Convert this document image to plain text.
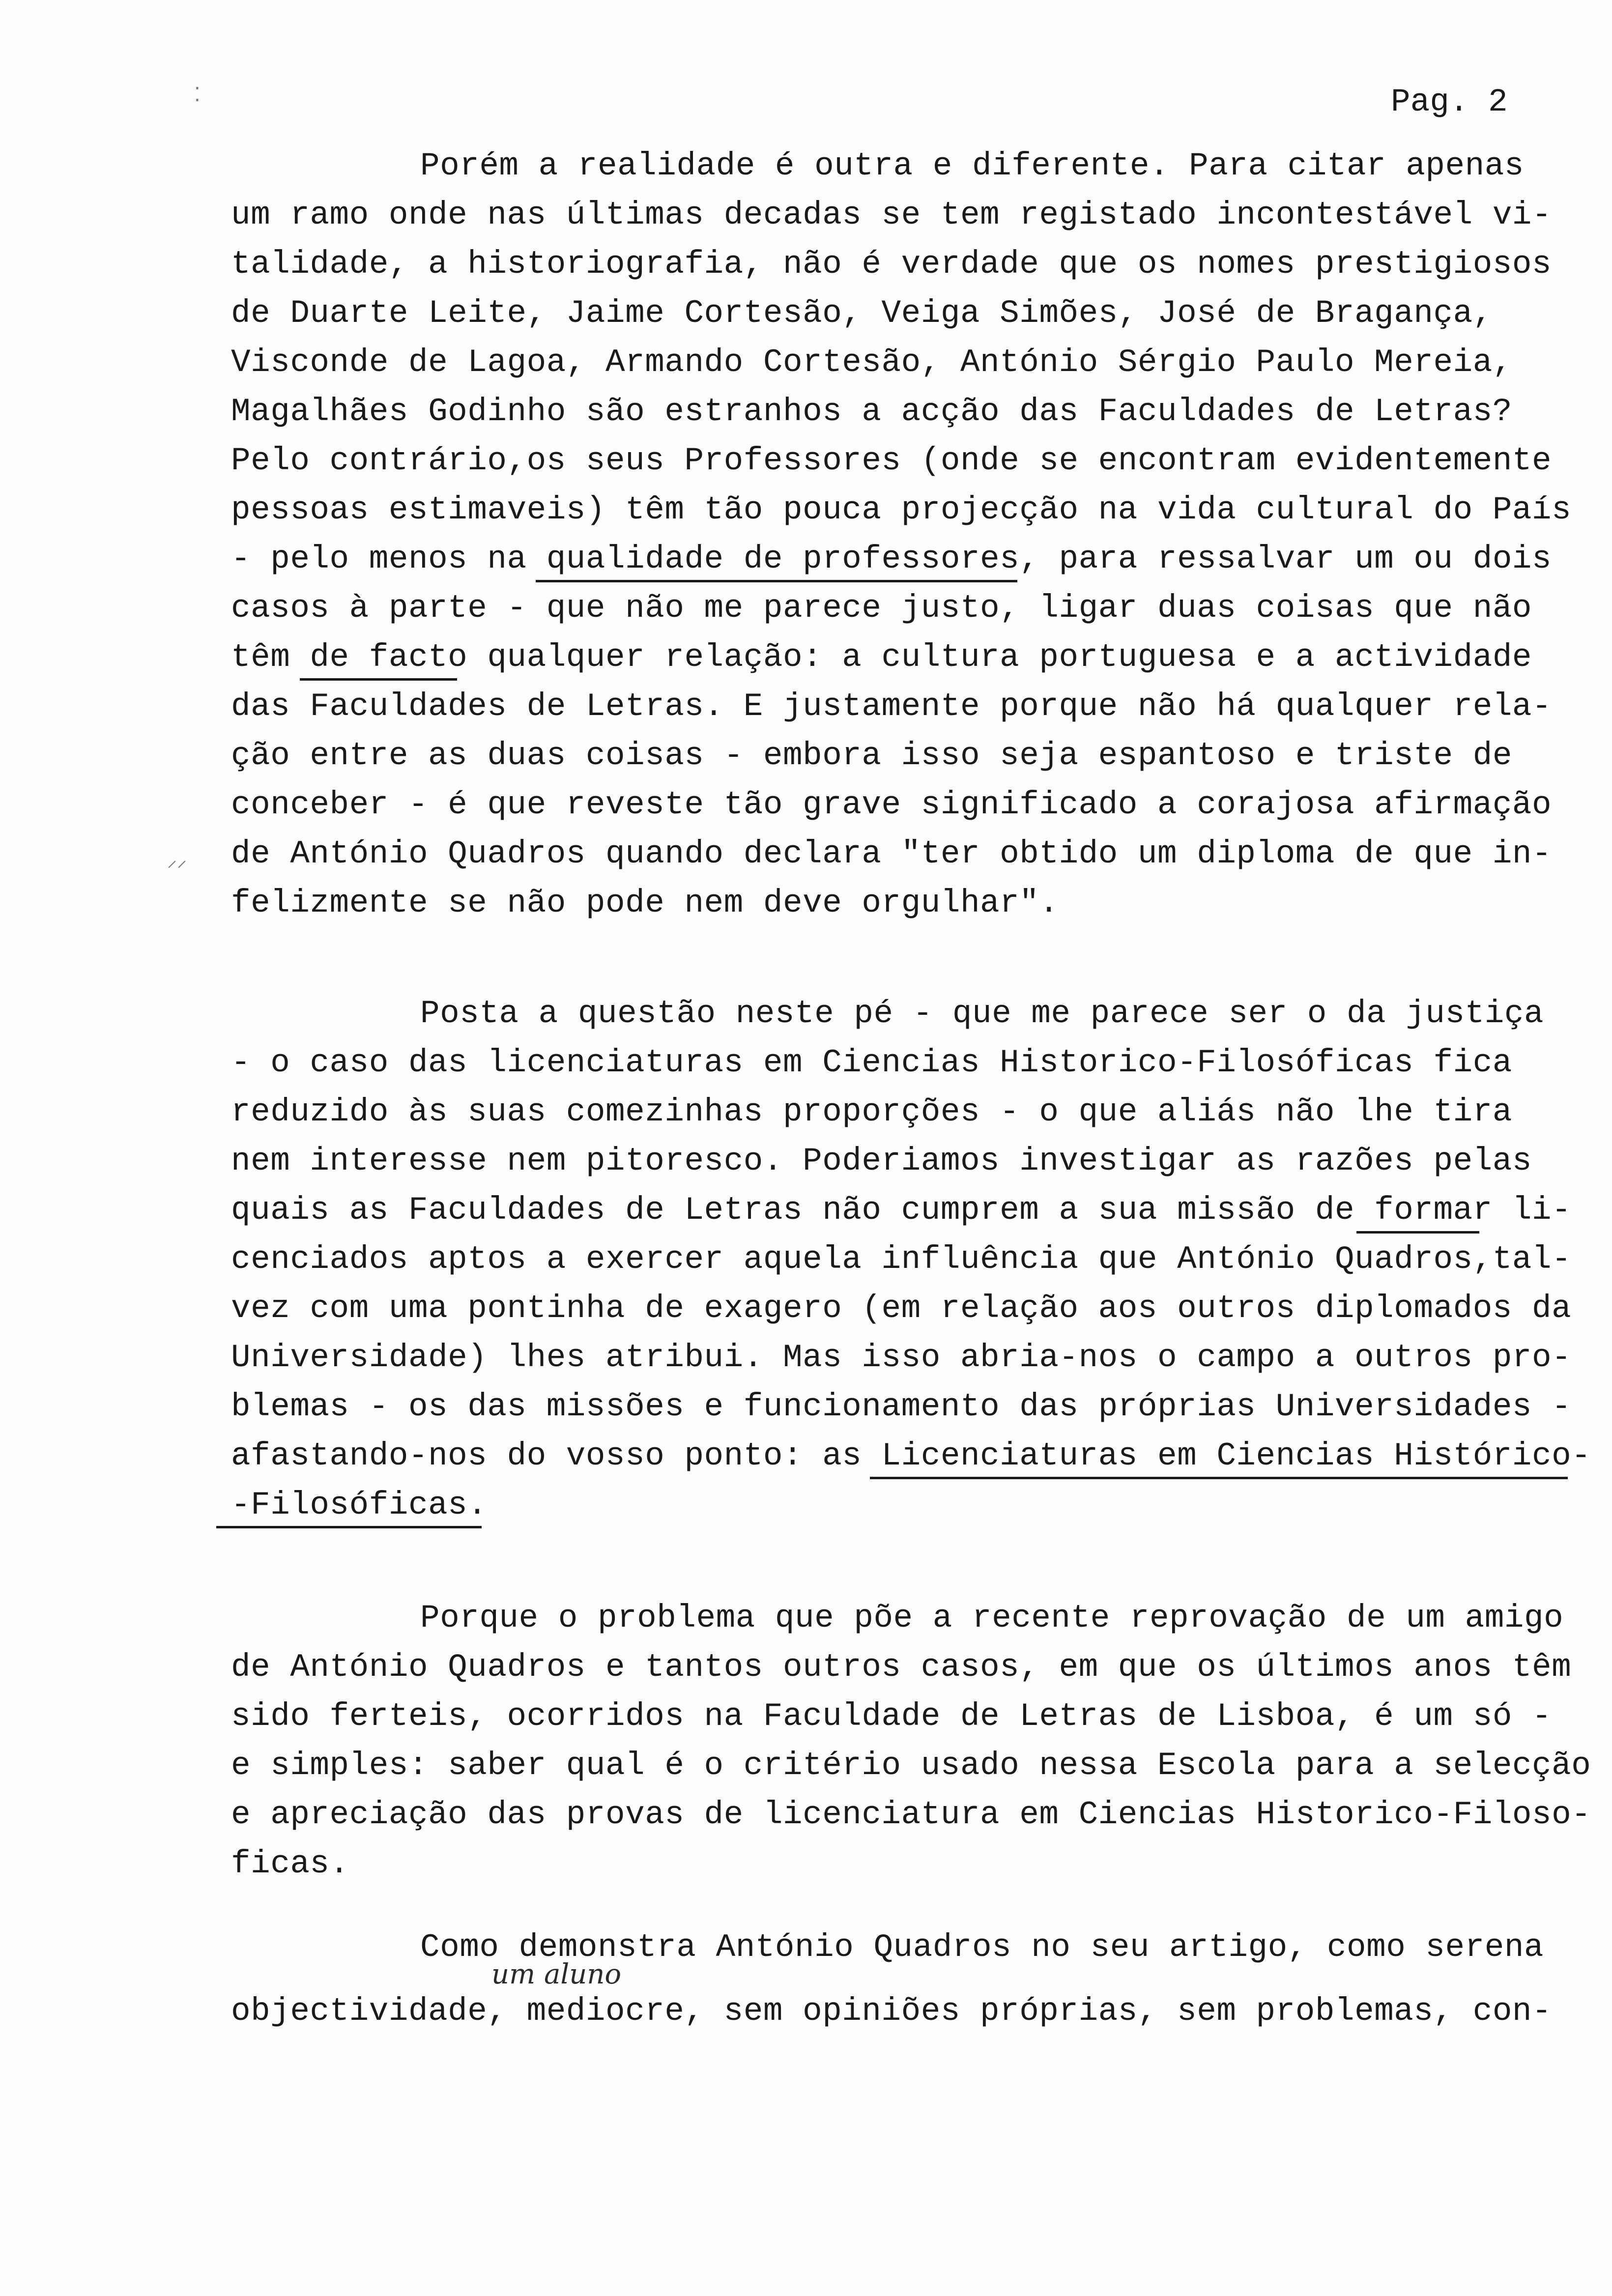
Pag. 2
⁚
⸝⸝
Porém a realidade é outra e diferente. Para citar apenas
um ramo onde nas últimas decadas se tem registado incontestável vi-
talidade, a historiografia, não é verdade que os nomes prestigiosos
de Duarte Leite, Jaime Cortesão, Veiga Simões, José de Bragança,
Visconde de Lagoa, Armando Cortesão, António Sérgio Paulo Mereia,
Magalhães Godinho são estranhos a acção das Faculdades de Letras?
Pelo contrário,os seus Professores (onde se encontram evidentemente
pessoas estimaveis) têm tão pouca projecção na vida cultural do País
- pelo menos na qualidade de professores, para ressalvar um ou dois
casos à parte - que não me parece justo, ligar duas coisas que não
têm de facto qualquer relação: a cultura portuguesa e a actividade
das Faculdades de Letras. E justamente porque não há qualquer rela-
ção entre as duas coisas - embora isso seja espantoso e triste de
conceber - é que reveste tão grave significado a corajosa afirmação
de António Quadros quando declara "ter obtido um diploma de que in-
felizmente se não pode nem deve orgulhar".
Posta a questão neste pé - que me parece ser o da justiça
- o caso das licenciaturas em Ciencias Historico-Filosóficas fica
reduzido às suas comezinhas proporções - o que aliás não lhe tira
nem interesse nem pitoresco. Poderiamos investigar as razões pelas
quais as Faculdades de Letras não cumprem a sua missão de formar li-
cenciados aptos a exercer aquela influência que António Quadros,tal-
vez com uma pontinha de exagero (em relação aos outros diplomados da
Universidade) lhes atribui. Mas isso abria-nos o campo a outros pro-
blemas - os das missões e funcionamento das próprias Universidades -
afastando-nos do vosso ponto: as Licenciaturas em Ciencias Histórico-
-Filosóficas.
Porque o problema que põe a recente reprovação de um amigo
de António Quadros e tantos outros casos, em que os últimos anos têm
sido ferteis, ocorridos na Faculdade de Letras de Lisboa, é um só -
e simples: saber qual é o critério usado nessa Escola para a selecção
e apreciação das provas de licenciatura em Ciencias Historico-Filoso-
ficas.
Como demonstra António Quadros no seu artigo, como serena
um aluno
objectividade, mediocre, sem opiniões próprias, sem problemas, con-
